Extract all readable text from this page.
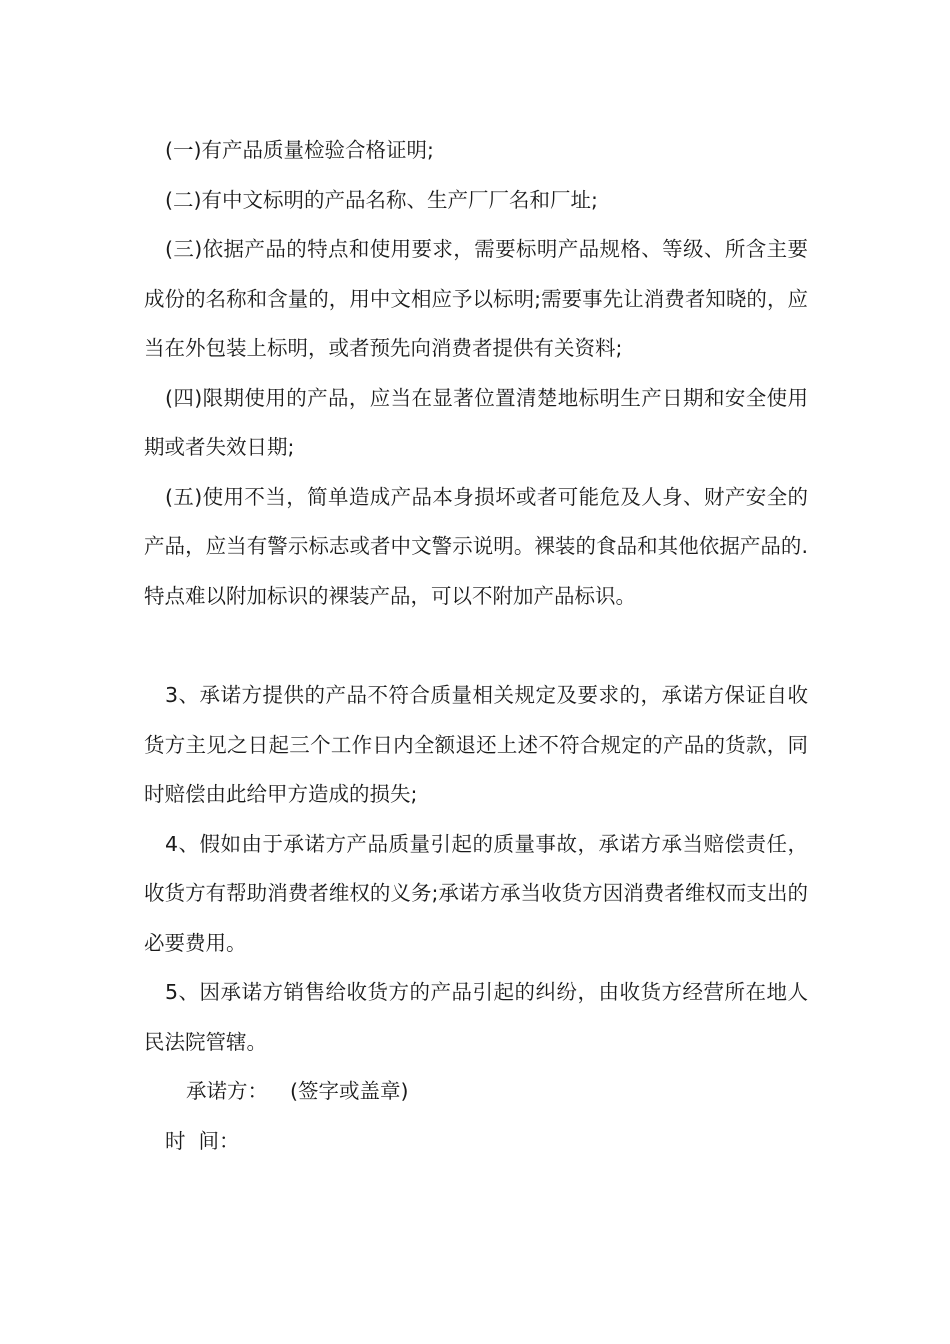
(一)有产品质量检验合格证明;

(二)有中文标明的产品名称、生产厂厂名和厂址;

(三)依据产品的特点和使用要求，需要标明产品规格、等级、所含主要成份的名称和含量的，用中文相应予以标明;需要事先让消费者知晓的，应当在外包装上标明，或者预先向消费者提供有关资料;

(四)限期使用的产品，应当在显著位置清楚地标明生产日期和安全使用期或者失效日期;

(五)使用不当，简单造成产品本身损坏或者可能危及人身、财产安全的产品，应当有警示标志或者中文警示说明。裸装的食品和其他依据产品的.特点难以附加标识的裸装产品，可以不附加产品标识。

3、承诺方提供的产品不符合质量相关规定及要求的，承诺方保证自收货方主见之日起三个工作日内全额退还上述不符合规定的产品的货款，同时赔偿由此给甲方造成的损失;

4、假如由于承诺方产品质量引起的质量事故，承诺方承当赔偿责任，收货方有帮助消费者维权的义务;承诺方承当收货方因消费者维权而支出的必要费用。

5、因承诺方销售给收货方的产品引起的纠纷，由收货方经营所在地人民法院管辖。

承诺方： (签字或盖章)

时  间：
